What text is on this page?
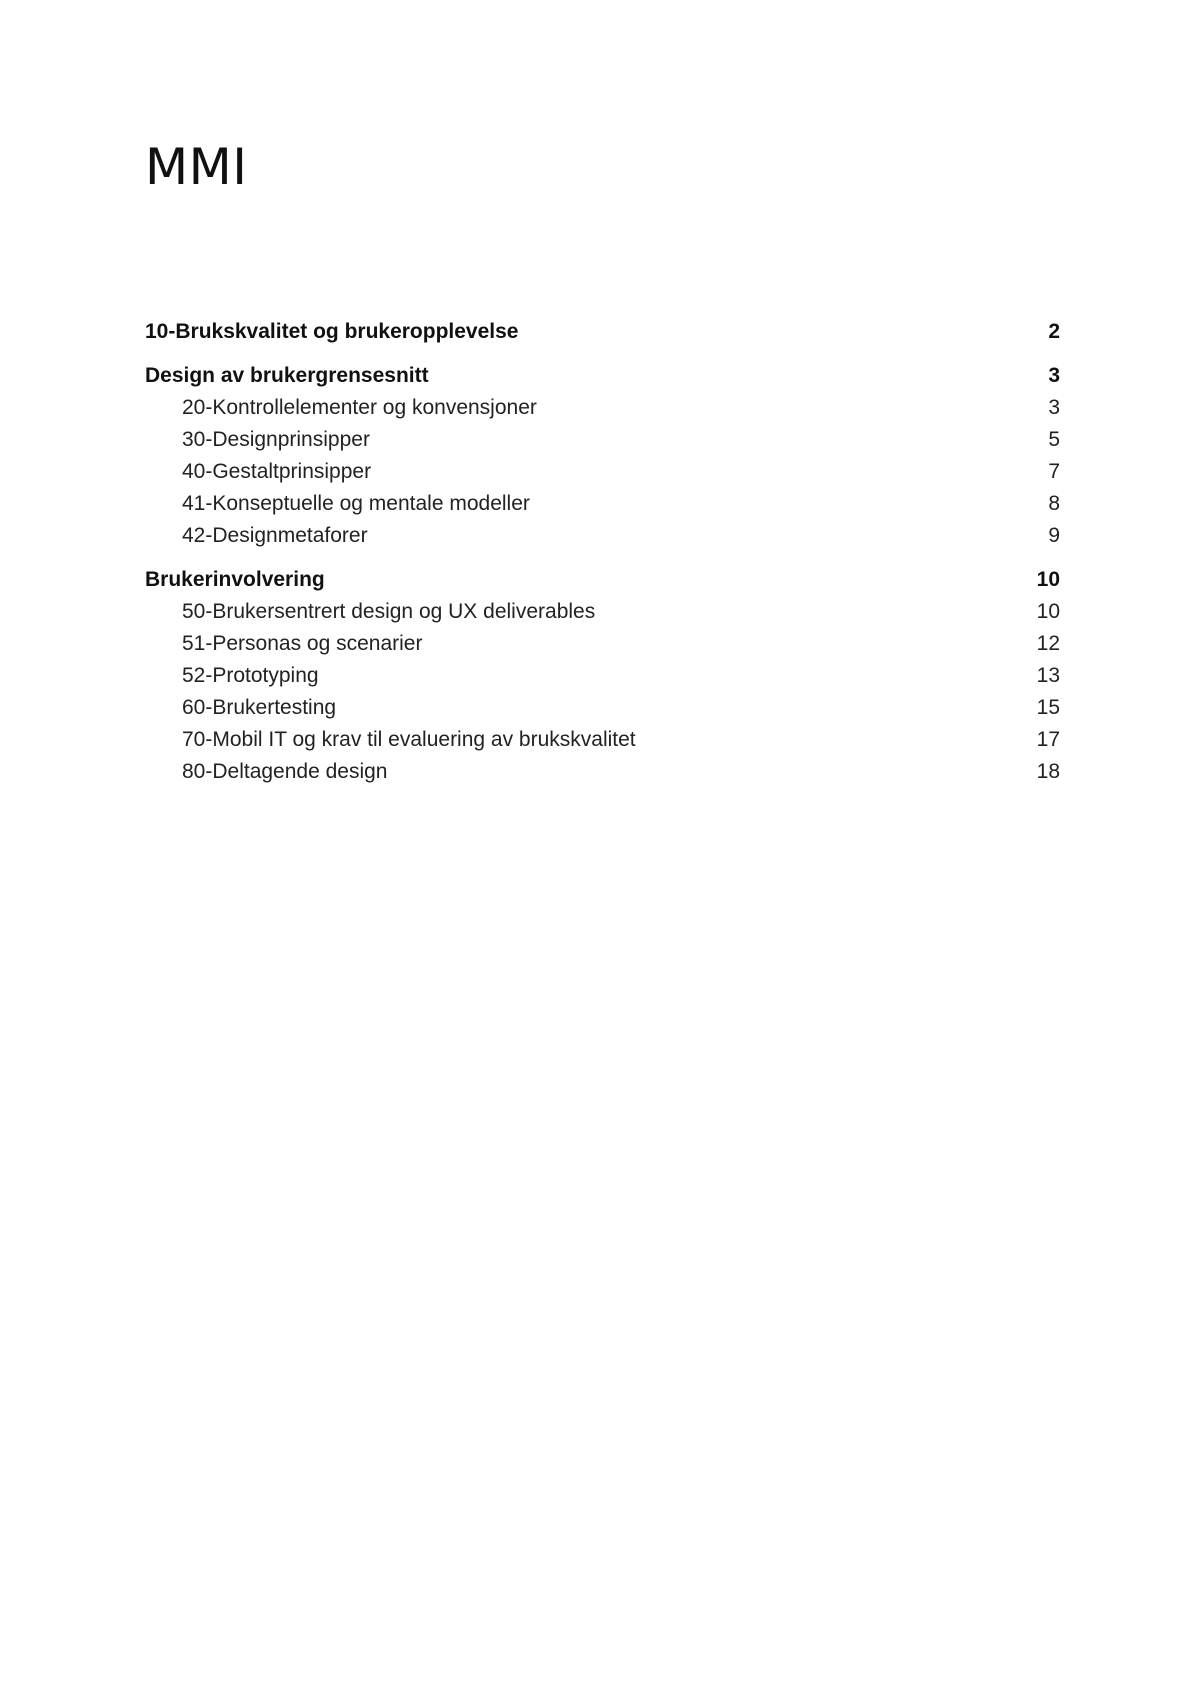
MMI
10-Brukskvalitet og brukeropplevelse	2
Design av brukergrensesnitt	3
20-Kontrollelementer og konvensjoner	3
30-Designprinsipper	5
40-Gestaltprinsipper	7
41-Konseptuelle og mentale modeller	8
42-Designmetaforer	9
Brukerinvolvering	10
50-Brukersentrert design og UX deliverables	10
51-Personas og scenarier	12
52-Prototyping	13
60-Brukertesting	15
70-Mobil IT og krav til evaluering av brukskvalitet	17
80-Deltagende design	18
